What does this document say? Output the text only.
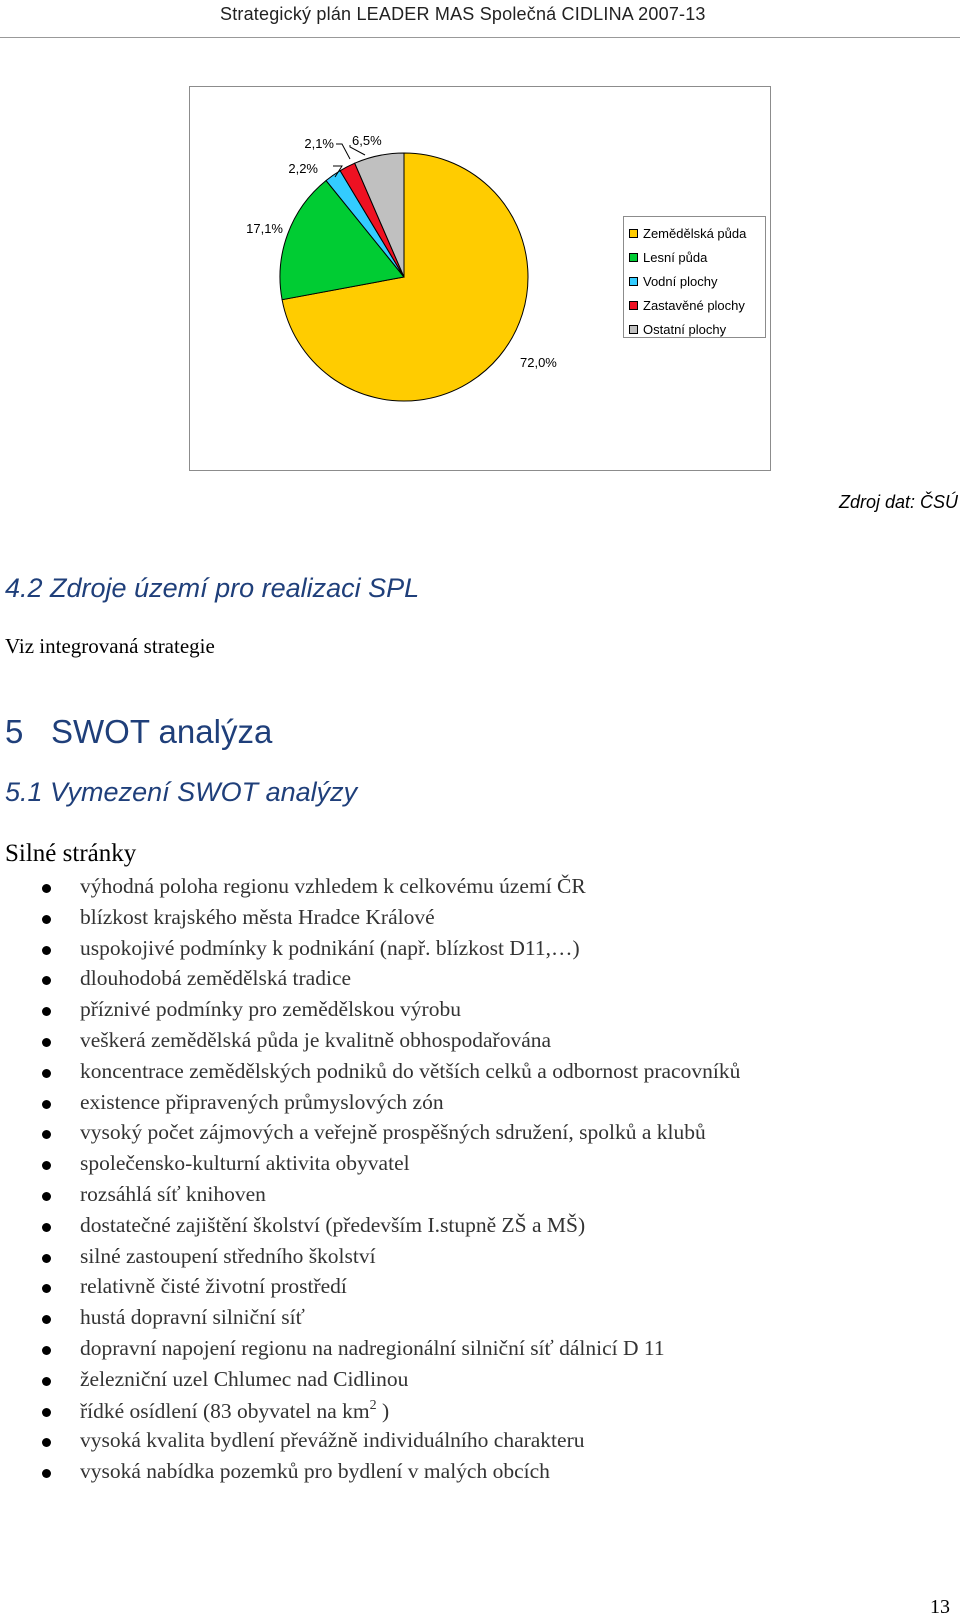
Strategický plán LEADER MAS Společná CIDLINA 2007-13
72,0%
17,1%
2,2%
2,1% 6,5%
Zemědělská půda
Lesní půda
Vodní plochy
Zastavěné plochy
Ostatní plochy
Zdroj dat: ČSÚ
4.2 Zdroje území pro realizaci SPL
Viz integrovaná strategie
5 SWOT analýza
5.1 Vymezení SWOT analýzy
Silné stránky
výhodná poloha regionu vzhledem k celkovému území ČR
blízkost krajského města Hradce Králové
uspokojivé podmínky k podnikání (např. blízkost D11,…)
dlouhodobá zemědělská tradice
příznivé podmínky pro zemědělskou výrobu
veškerá zemědělská půda je kvalitně obhospodařována
koncentrace zemědělských podniků do větších celků a odbornost pracovníků
existence připravených průmyslových zón
vysoký počet zájmových a veřejně prospěšných sdružení, spolků a klubů
společensko-kulturní aktivita obyvatel
rozsáhlá síť knihoven
dostatečné zajištění školství (především I.stupně ZŠ a MŠ)
silné zastoupení středního školství
relativně čisté životní prostředí
hustá dopravní silniční síť
dopravní napojení regionu na nadregionální silniční síť dálnicí D 11
železniční uzel Chlumec nad Cidlinou
řídké osídlení (83 obyvatel na $km^2$ )
vysoká kvalita bydlení převážně individuálního charakteru
vysoká nabídka pozemků pro bydlení v malých obcích
13
